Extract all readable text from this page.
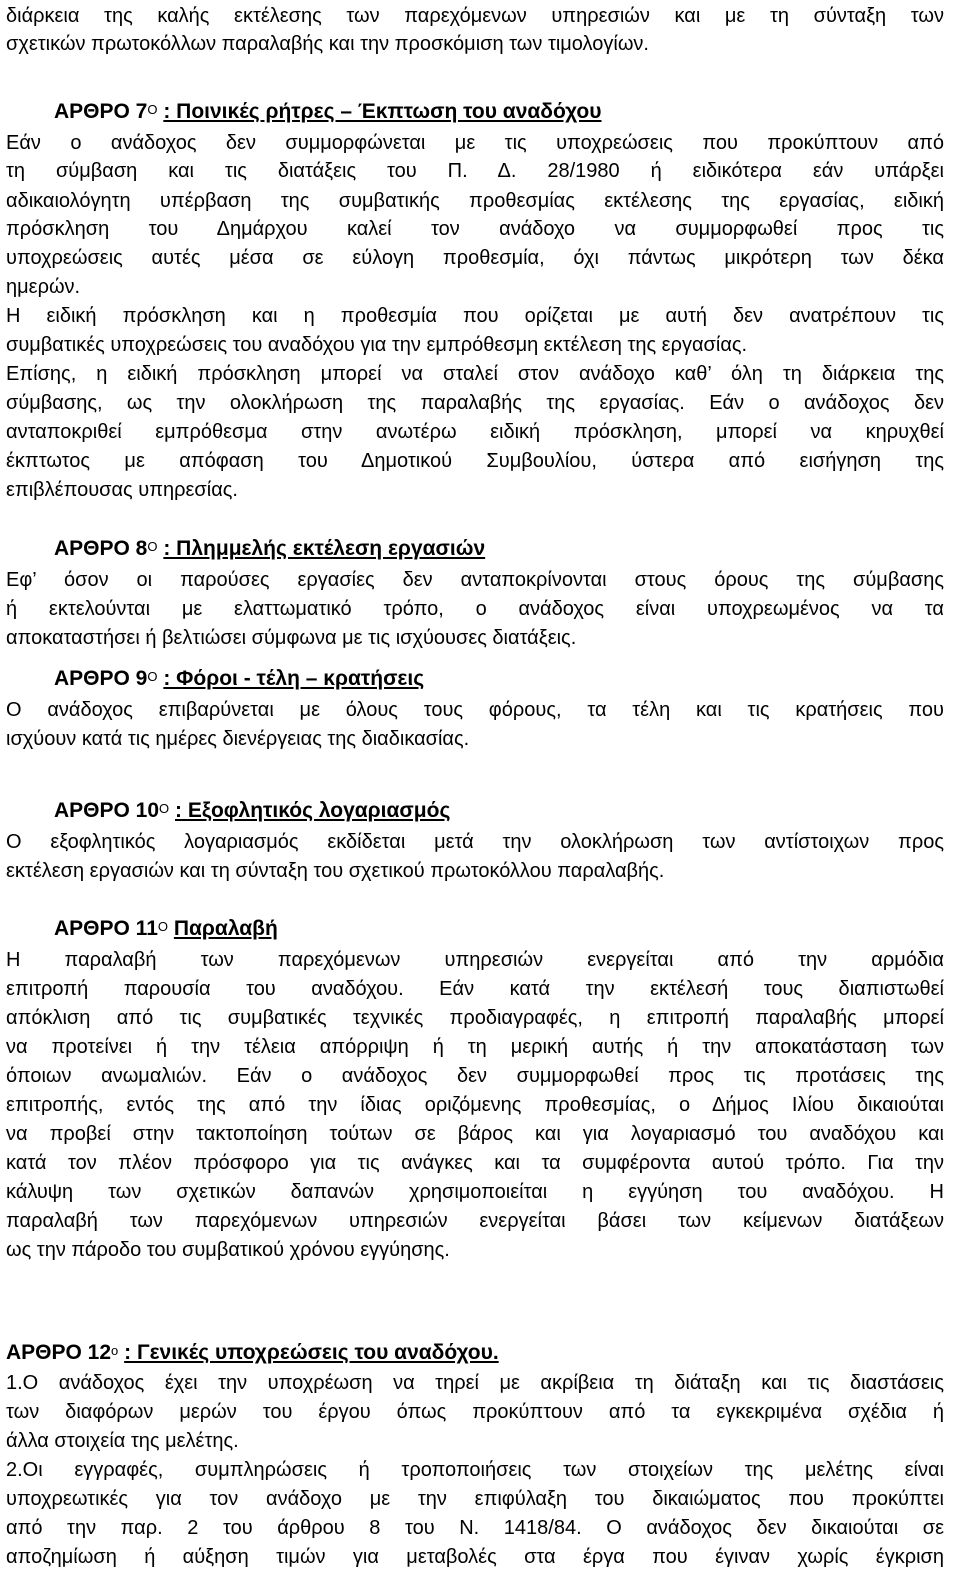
διάρκεια της καλής εκτέλεσης των παρεχόμενων υπηρεσιών και με τη σύνταξη των
σχετικών πρωτοκόλλων παραλαβής και την προσκόμιση των τιμολογίων.
ΑΡΘΡΟ $7^O$ : Ποινικές ρήτρες – Έκπτωση του αναδόχου
Εάν ο ανάδοχος δεν συμμορφώνεται με τις υποχρεώσεις που προκύπτουν από
τη σύμβαση και τις διατάξεις του Π. Δ. 28/1980 ή ειδικότερα εάν υπάρξει
αδικαιολόγητη υπέρβαση της συμβατικής προθεσμίας εκτέλεσης της εργασίας, ειδική
πρόσκληση του Δημάρχου καλεί τον ανάδοχο να συμμορφωθεί προς τις
υποχρεώσεις αυτές μέσα σε εύλογη προθεσμία, όχι πάντως μικρότερη των δέκα
ημερών.
Η ειδική πρόσκληση και η προθεσμία που ορίζεται με αυτή δεν ανατρέπουν τις
συμβατικές υποχρεώσεις του αναδόχου για την εμπρόθεσμη εκτέλεση της εργασίας.
Επίσης, η ειδική πρόσκληση μπορεί να σταλεί στον ανάδοχο καθ’ όλη τη διάρκεια της
σύμβασης, ως την ολοκλήρωση της παραλαβής της εργασίας. Εάν ο ανάδοχος δεν
ανταποκριθεί εμπρόθεσμα στην ανωτέρω ειδική πρόσκληση, μπορεί να κηρυχθεί
έκπτωτος με απόφαση του Δημοτικού Συμβουλίου, ύστερα από εισήγηση της
επιβλέπουσας υπηρεσίας.
ΑΡΘΡΟ $8^O$ : Πλημμελής εκτέλεση εργασιών
Εφ’ όσον οι παρούσες εργασίες δεν ανταποκρίνονται στους όρους της σύμβασης
ή εκτελούνται με ελαττωματικό τρόπο, ο ανάδοχος είναι υποχρεωμένος να τα
αποκαταστήσει ή βελτιώσει σύμφωνα με τις ισχύουσες διατάξεις.
ΑΡΘΡΟ $9^O$ : Φόροι - τέλη – κρατήσεις
Ο ανάδοχος επιβαρύνεται με όλους τους φόρους, τα τέλη και τις κρατήσεις που
ισχύουν κατά τις ημέρες διενέργειας της διαδικασίας.
ΑΡΘΡΟ $10^O$ : Εξοφλητικός λογαριασμός
Ο εξοφλητικός λογαριασμός εκδίδεται μετά την ολοκλήρωση των αντίστοιχων προς
εκτέλεση εργασιών και τη σύνταξη του σχετικού πρωτοκόλλου παραλαβής.
ΑΡΘΡΟ $11^O$ Παραλαβή
Η παραλαβή των παρεχόμενων υπηρεσιών ενεργείται από την αρμόδια
επιτροπή παρουσία του αναδόχου. Εάν κατά την εκτέλεσή τους διαπιστωθεί
απόκλιση από τις συμβατικές τεχνικές προδιαγραφές, η επιτροπή παραλαβής μπορεί
να προτείνει ή την τέλεια απόρριψη ή τη μερική αυτής ή την αποκατάσταση των
όποιων ανωμαλιών. Εάν ο ανάδοχος δεν συμμορφωθεί προς τις προτάσεις της
επιτροπής, εντός της από την ίδιας οριζόμενης προθεσμίας, ο Δήμος Ιλίου δικαιούται
να προβεί στην τακτοποίηση τούτων σε βάρος και για λογαριασμό του αναδόχου και
κατά τον πλέον πρόσφορο για τις ανάγκες και τα συμφέροντα αυτού τρόπο. Για την
κάλυψη των σχετικών δαπανών χρησιμοποιείται η εγγύηση του αναδόχου. Η
παραλαβή των παρεχόμενων υπηρεσιών ενεργείται βάσει των κείμενων διατάξεων
ως την πάροδο του συμβατικού χρόνου εγγύησης.
ΑΡΘΡΟ $12^o$ : Γενικές υποχρεώσεις του αναδόχου.
1.Ο ανάδοχος έχει την υποχρέωση να τηρεί με ακρίβεια τη διάταξη και τις διαστάσεις
των διαφόρων μερών του έργου όπως προκύπτουν από τα εγκεκριμένα σχέδια ή
άλλα στοιχεία της μελέτης.
2.Οι εγγραφές, συμπληρώσεις ή τροποποιήσεις των στοιχείων της μελέτης είναι
υποχρεωτικές για τον ανάδοχο με την επιφύλαξη του δικαιώματος που προκύπτει
από την παρ. 2 του άρθρου 8 του Ν. 1418/84. Ο ανάδοχος δεν δικαιούται σε
αποζημίωση ή αύξηση τιμών για μεταβολές στα έργα που έγιναν χωρίς έγκριση
